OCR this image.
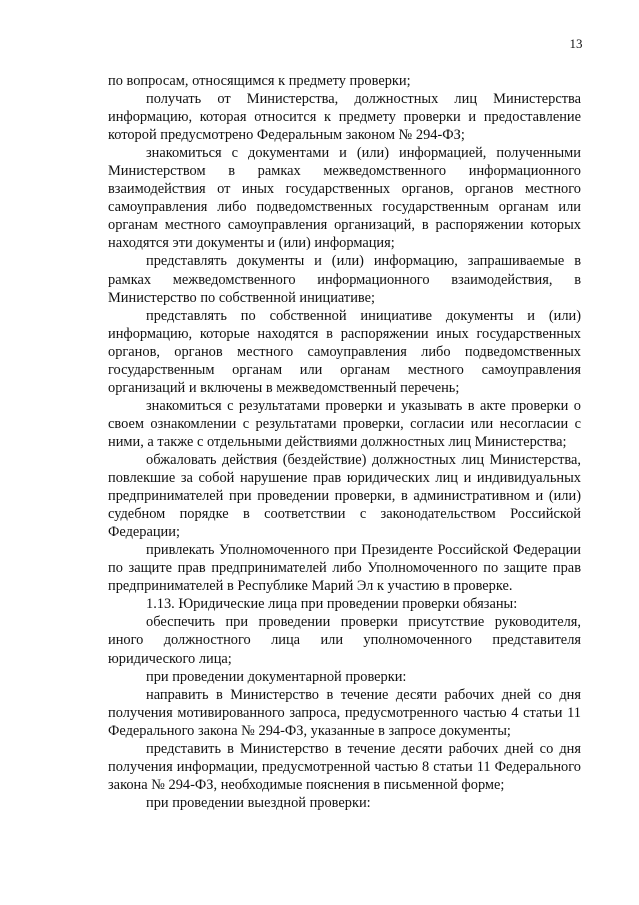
13

по вопросам, относящимся к предмету проверки;

получать от Министерства, должностных лиц Министерства информацию, которая относится к предмету проверки и предоставление которой предусмотрено Федеральным законом № 294-ФЗ;

знакомиться с документами и (или) информацией, полученными Министерством в рамках межведомственного информационного взаимодействия от иных государственных органов, органов местного самоуправления либо подведомственных государственным органам или органам местного самоуправления организаций, в распоряжении которых находятся эти документы и (или) информация;

представлять документы и (или) информацию, запрашиваемые в рамках межведомственного информационного взаимодействия, в Министерство по собственной инициативе;

представлять по собственной инициативе документы и (или) информацию, которые находятся в распоряжении иных государственных органов, органов местного самоуправления либо подведомственных государственным органам или органам местного самоуправления организаций и включены в межведомственный перечень;

знакомиться с результатами проверки и указывать в акте проверки о своем ознакомлении с результатами проверки, согласии или несогласии с ними, а также с отдельными действиями должностных лиц Министерства;

обжаловать действия (бездействие) должностных лиц Министерства, повлекшие за собой нарушение прав юридических лиц и индивидуальных предпринимателей при проведении проверки, в административном и (или) судебном порядке в соответствии с законодательством Российской Федерации;

привлекать Уполномоченного при Президенте Российской Федерации по защите прав предпринимателей либо Уполномоченного по защите прав предпринимателей в Республике Марий Эл к участию в проверке.

1.13. Юридические лица при проведении проверки обязаны:

обеспечить при проведении проверки присутствие руководителя, иного должностного лица или уполномоченного представителя юридического лица;

при проведении документарной проверки:

направить в Министерство в течение десяти рабочих дней со дня получения мотивированного запроса, предусмотренного частью 4 статьи 11 Федерального закона № 294-ФЗ, указанные в запросе документы;

представить в Министерство в течение десяти рабочих дней со дня получения информации, предусмотренной частью 8 статьи 11 Федерального закона № 294-ФЗ, необходимые пояснения в письменной форме;

при проведении выездной проверки:
